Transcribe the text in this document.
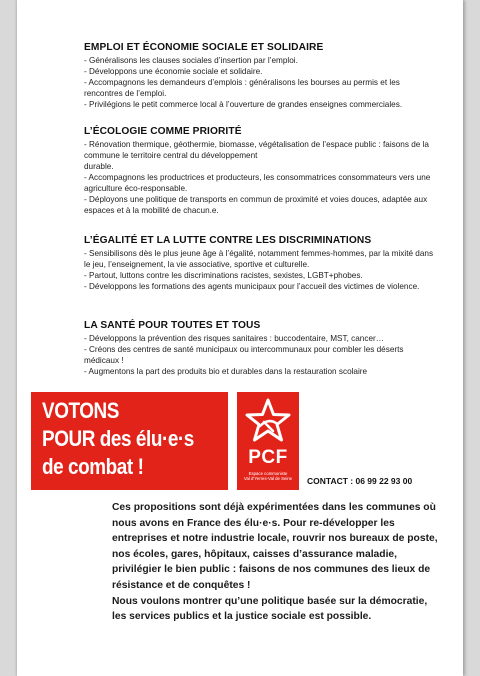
EMPLOI ET ÉCONOMIE SOCIALE ET SOLIDAIRE

- Généralisons les clauses sociales d’insertion par l’emploi.

- Développons une économie sociale et solidaire.

- Accompagnons les demandeurs d’emplois : généralisons les bourses au permis et les rencontres de l’emploi.

- Privilégions le petit commerce local à l’ouverture de grandes enseignes commerciales.

L’ÉCOLOGIE COMME PRIORITÉ

- Rénovation thermique, géothermie, biomasse, végétalisation de l’espace public : faisons de la commune le territoire central du développement

durable.

- Accompagnons les productrices et producteurs, les consommatrices consommateurs vers une agriculture éco-responsable.

- Déployons une politique de transports en commun de proximité et voies douces, adaptée aux espaces et à la mobilité de chacun.e.

L’ÉGALITÉ ET LA LUTTE CONTRE LES DISCRIMINATIONS

- Sensibilisons dès le plus jeune âge à l’égalité, notamment femmes-hommes, par la mixité dans le jeu, l’enseignement, la vie associative, sportive et culturelle.

- Partout, luttons contre les discriminations racistes, sexistes, LGBT+phobes.

- Développons les formations des agents municipaux pour l’accueil des victimes de violence.

LA SANTÉ POUR TOUTES ET TOUS

- Développons la prévention des risques sanitaires : buccodentaire, MST, cancer…

- Créons des centres de santé municipaux ou intercommunaux pour combler les déserts médicaux !

- Augmentons la part des produits bio et durables dans la restauration scolaire

VOTONS
POUR des élu·e·s
de combat !	PCF
Espace communiste
Val d’Yerres-Val de Seine	CONTACT : 06 99 22 93 00

Ces propositions sont déjà expérimentées dans les communes où nous avons en France des élu·e·s. Pour re-développer les entreprises et notre industrie locale, rouvrir nos bureaux de poste, nos écoles, gares, hôpitaux, caisses d’assurance maladie, privilégier le bien public : faisons de nos communes des lieux de résistance et de conquêtes !

Nous voulons montrer qu’une politique basée sur la démocratie, les services publics et la justice sociale est possible.
